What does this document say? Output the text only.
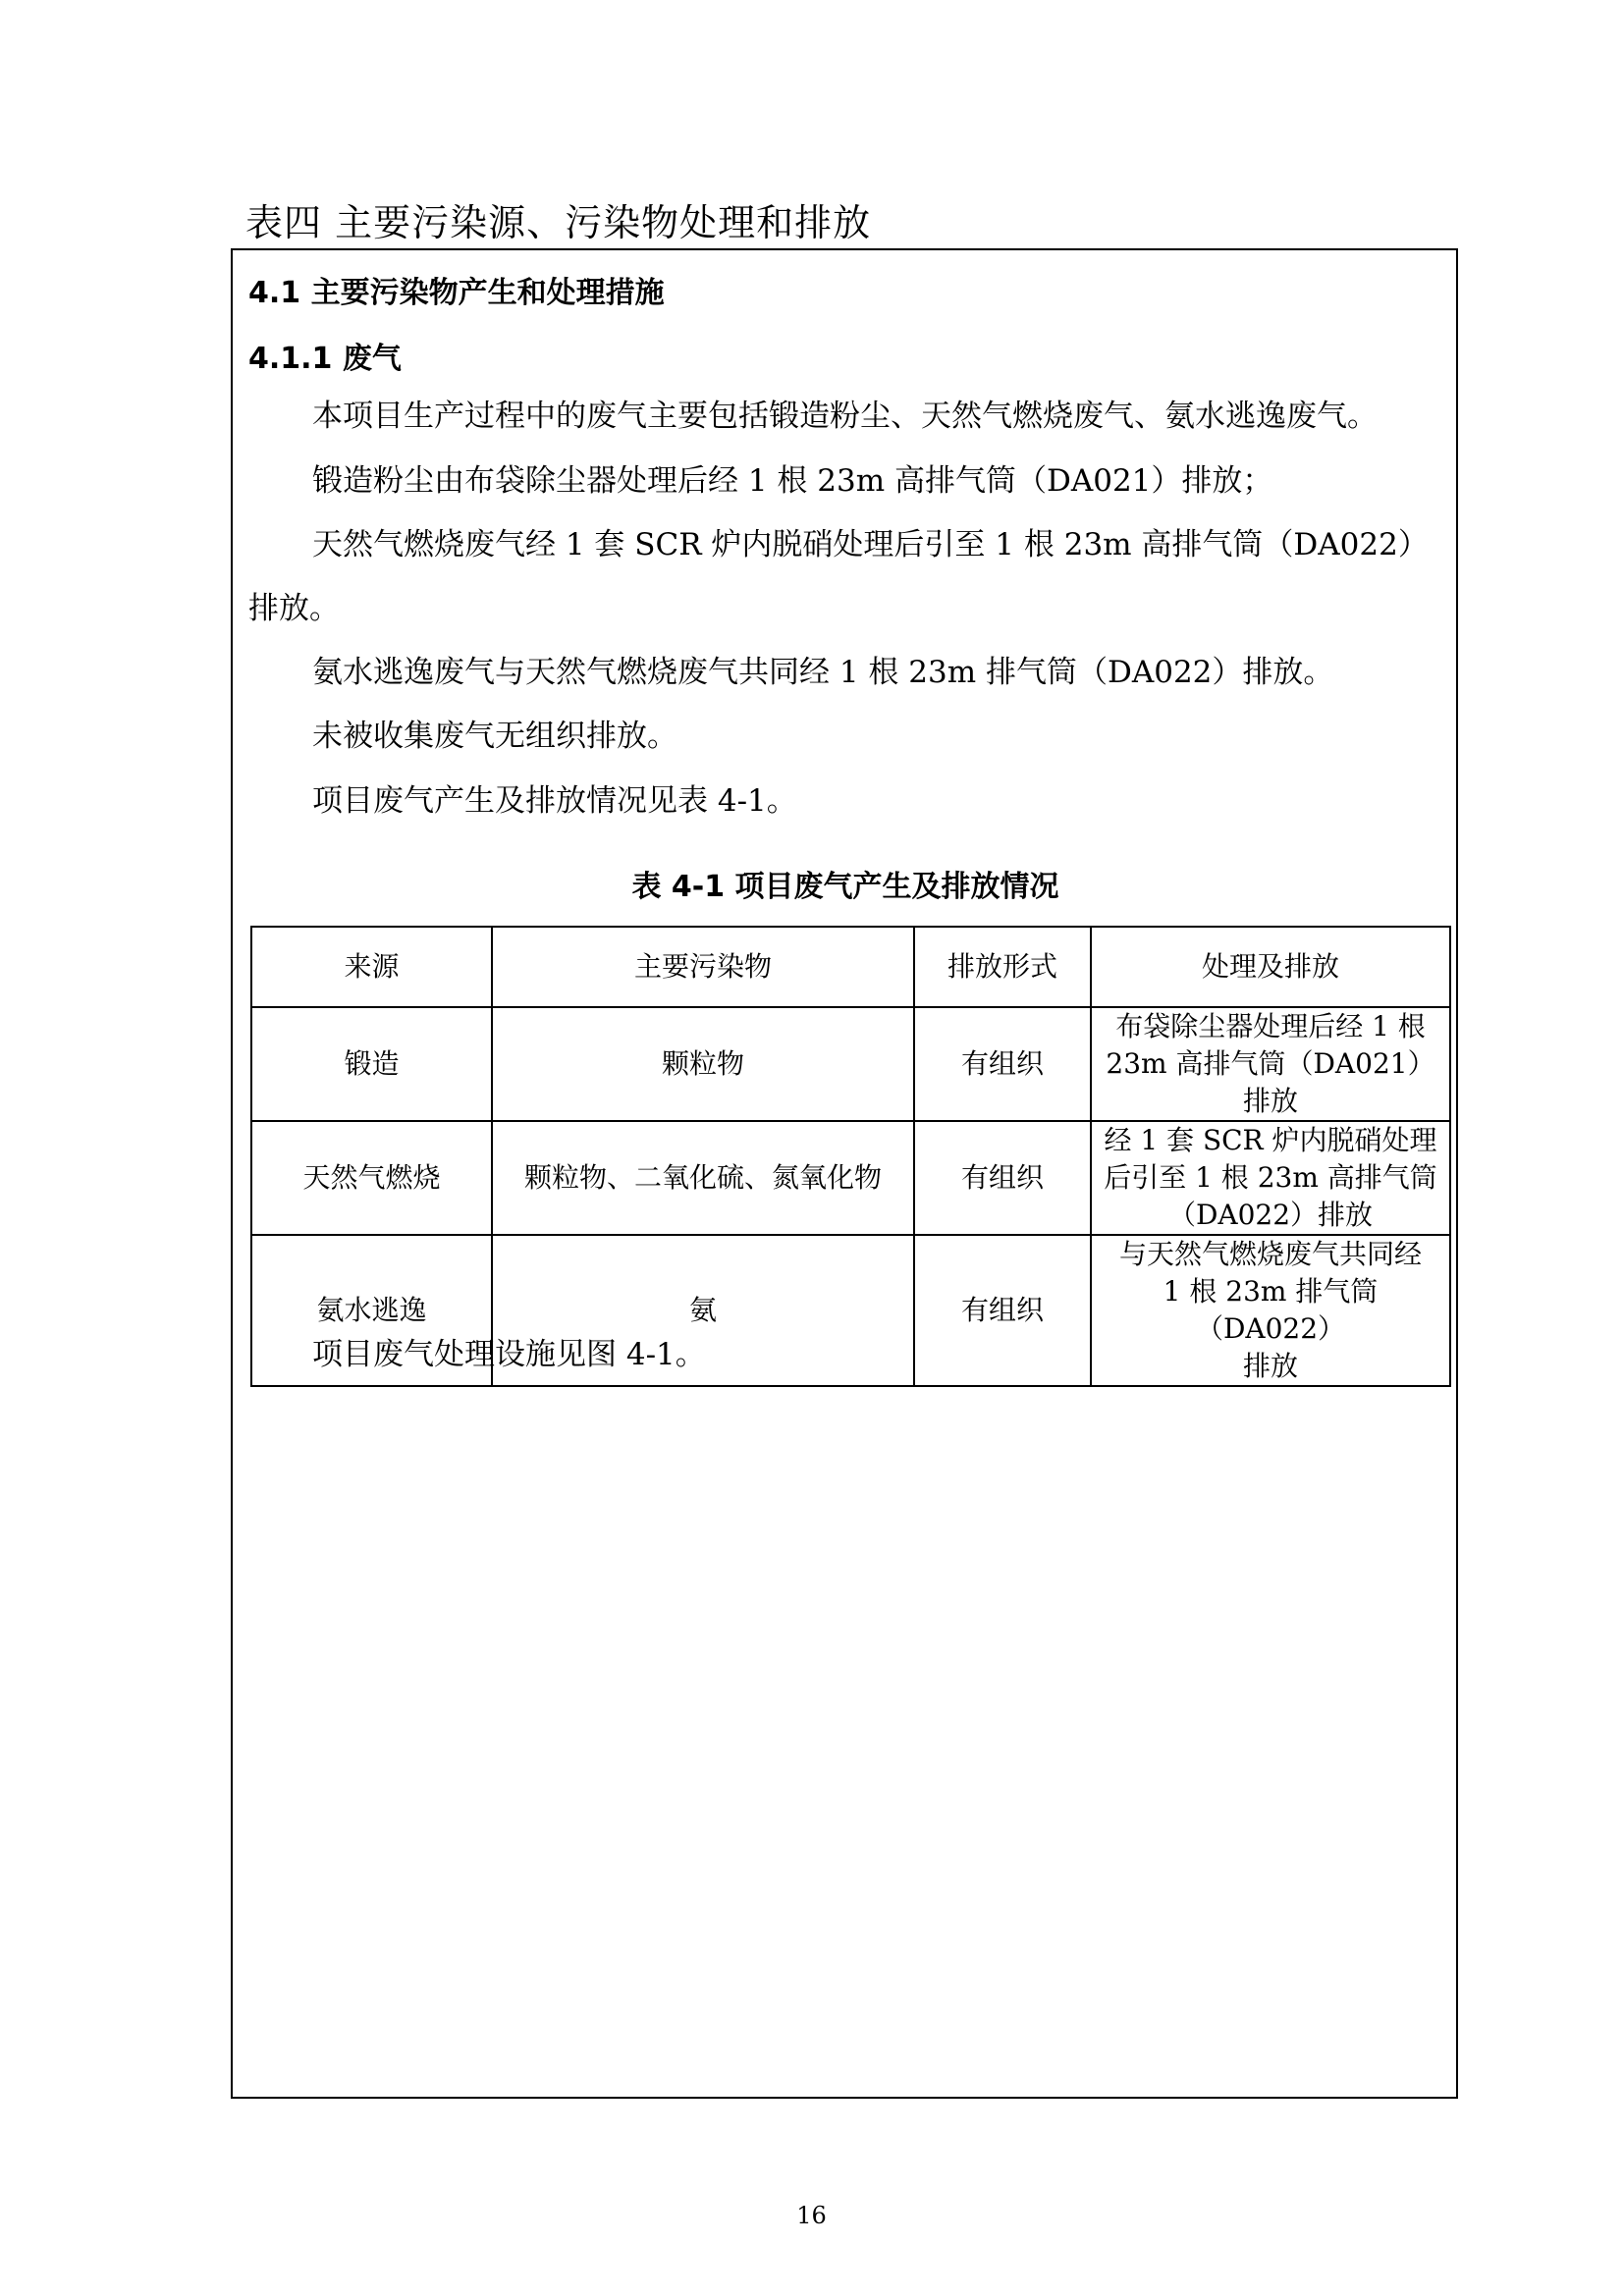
表四 主要污染源、污染物处理和排放
4.1 主要污染物产生和处理措施
4.1.1 废气
本项目生产过程中的废气主要包括锻造粉尘、天然气燃烧废气、氨水逃逸废气。
锻造粉尘由布袋除尘器处理后经 1 根 23m 高排气筒（DA021）排放；
天然气燃烧废气经 1 套 SCR 炉内脱硝处理后引至 1 根 23m 高排气筒（DA022）
排放。
氨水逃逸废气与天然气燃烧废气共同经 1 根 23m 排气筒（DA022）排放。
未被收集废气无组织排放。
项目废气产生及排放情况见表 4-1。
表 4-1 项目废气产生及排放情况
来源	主要污染物	排放形式	处理及排放
锻造	颗粒物	有组织	布袋除尘器处理后经 1 根
23m 高排气筒（DA021）
排放

天然气燃烧	颗粒物、二氧化硫、氮氧化物	有组织	经 1 套 SCR 炉内脱硝处理
后引至 1 根 23m 高排气筒
（DA022）排放

氨水逃逸	氨	有组织	与天然气燃烧废气共同经
1 根 23m 排气筒（DA022）
排放
项目废气处理设施见图 4-1。
16
